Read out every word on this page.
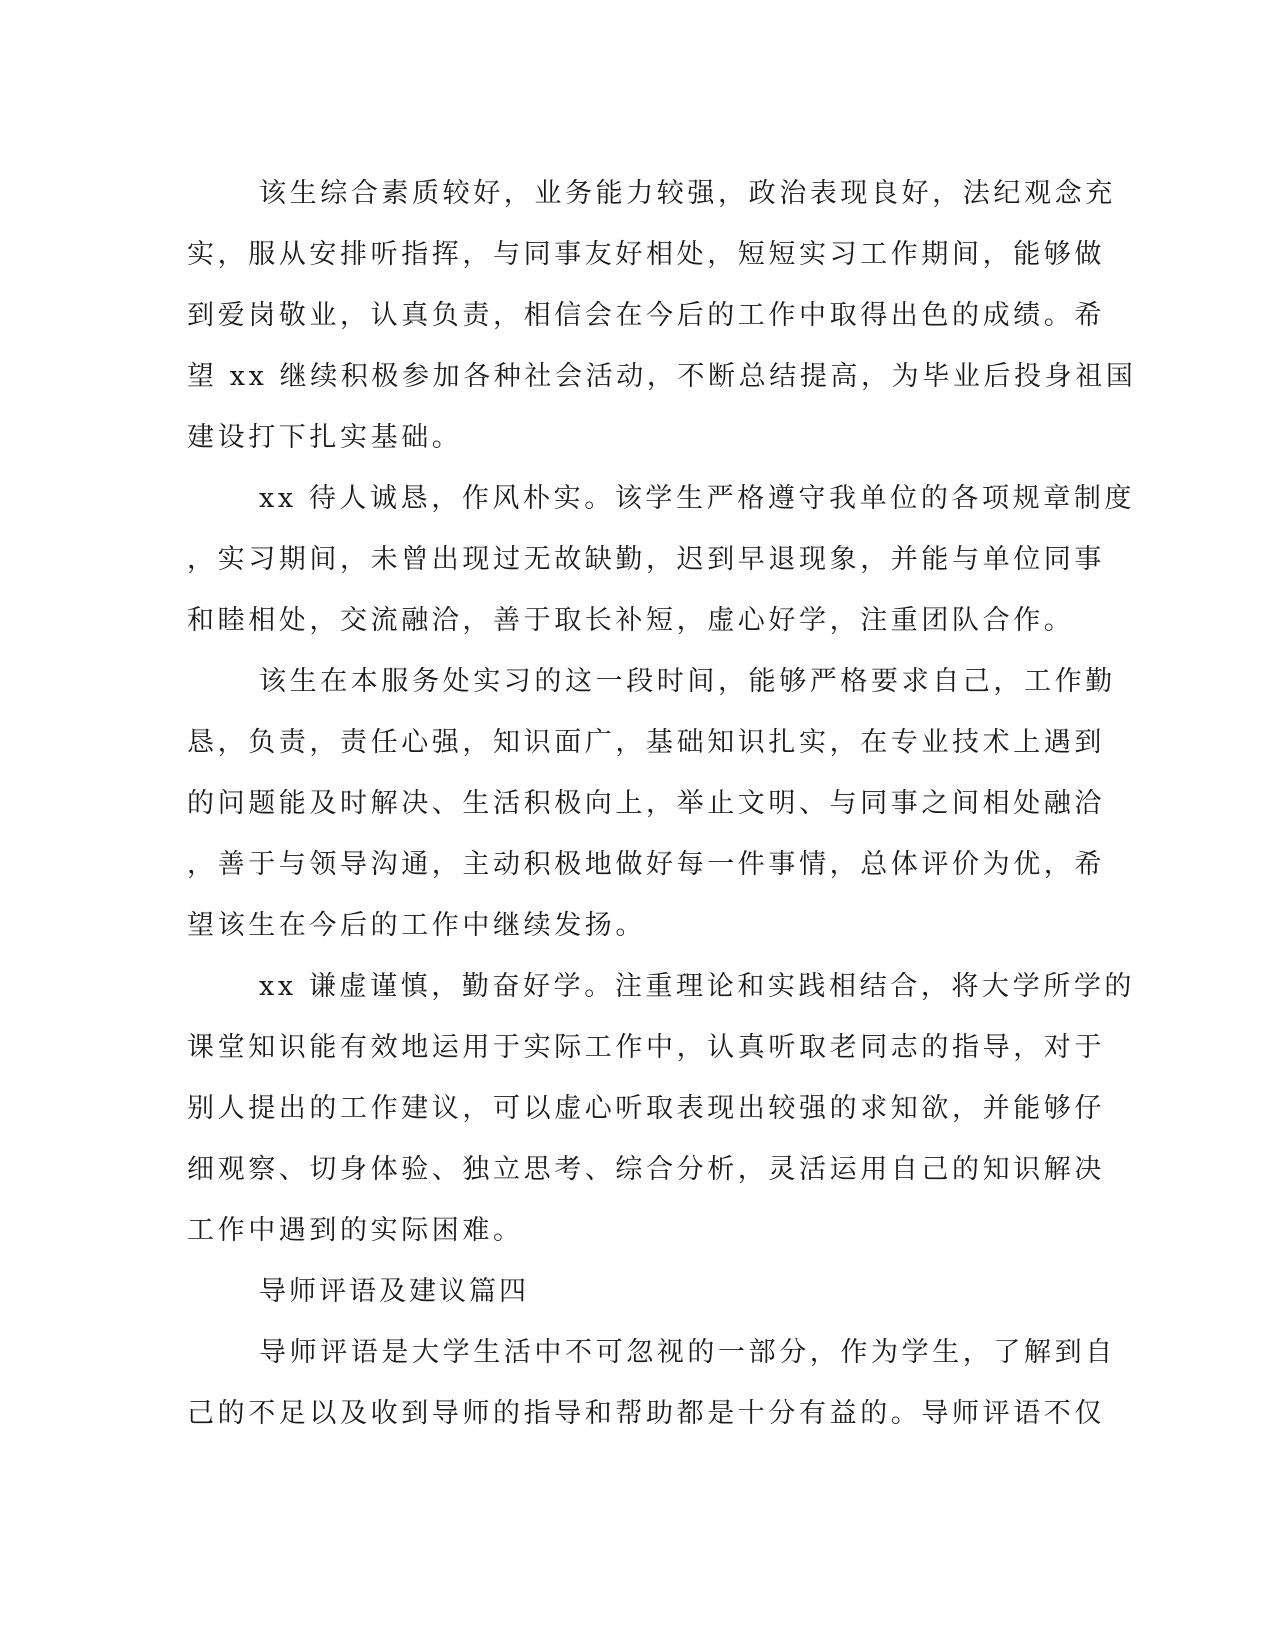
该生综合素质较好，业务能力较强，政治表现良好，法纪观念充
实，服从安排听指挥，与同事友好相处，短短实习工作期间，能够做
到爱岗敬业，认真负责，相信会在今后的工作中取得出色的成绩。希
望 xx 继续积极参加各种社会活动，不断总结提高，为毕业后投身祖国
建设打下扎实基础。
xx 待人诚恳，作风朴实。该学生严格遵守我单位的各项规章制度
，实习期间，未曾出现过无故缺勤，迟到早退现象，并能与单位同事
和睦相处，交流融洽，善于取长补短，虚心好学，注重团队合作。
该生在本服务处实习的这一段时间，能够严格要求自己，工作勤
恳，负责，责任心强，知识面广，基础知识扎实，在专业技术上遇到
的问题能及时解决、生活积极向上，举止文明、与同事之间相处融洽
，善于与领导沟通，主动积极地做好每一件事情，总体评价为优，希
望该生在今后的工作中继续发扬。
xx 谦虚谨慎，勤奋好学。注重理论和实践相结合，将大学所学的
课堂知识能有效地运用于实际工作中，认真听取老同志的指导，对于
别人提出的工作建议，可以虚心听取表现出较强的求知欲，并能够仔
细观察、切身体验、独立思考、综合分析，灵活运用自己的知识解决
工作中遇到的实际困难。
导师评语及建议篇四
导师评语是大学生活中不可忽视的一部分，作为学生，了解到自
己的不足以及收到导师的指导和帮助都是十分有益的。导师评语不仅
